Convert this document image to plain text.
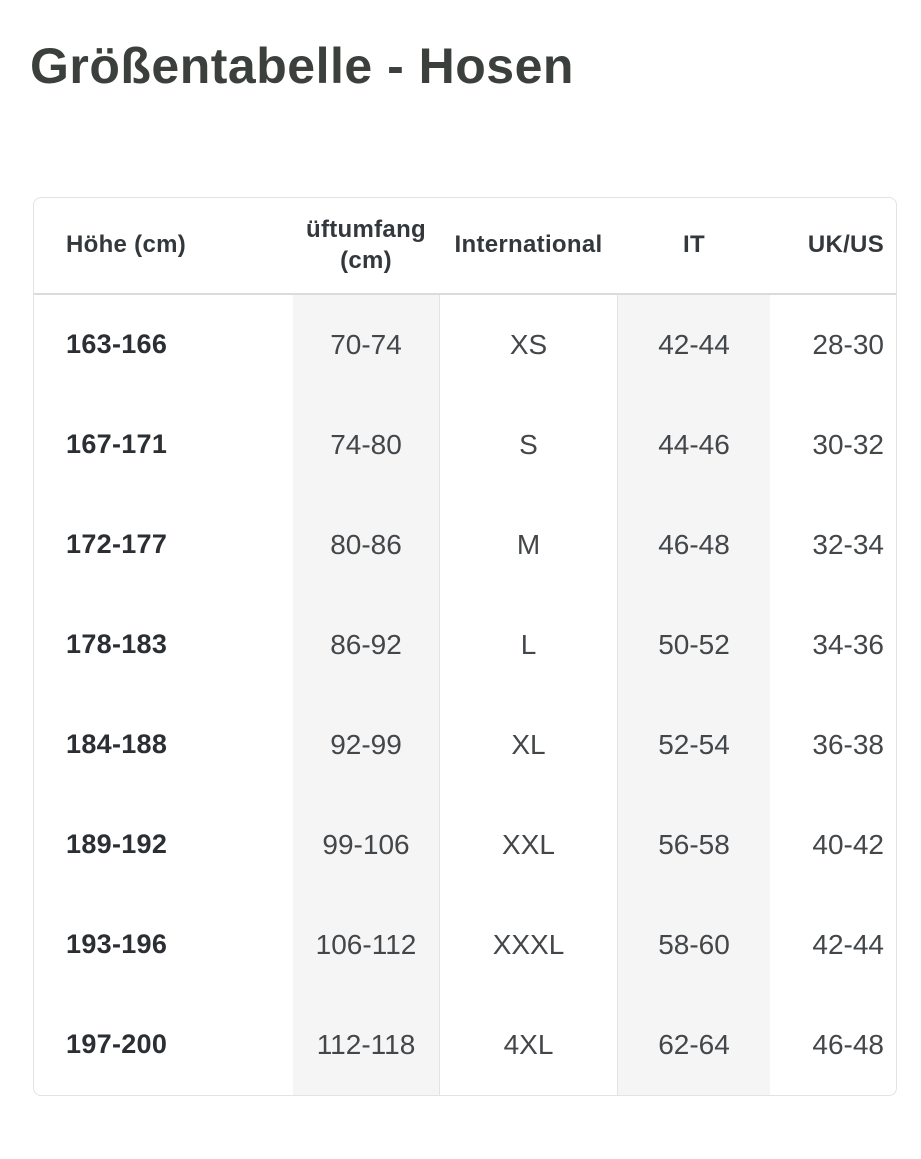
Größentabelle - Hosen
Höhe (cm)	üftumfang (cm)	International	IT	UK/US
163-166	70-74	XS	42-44	28-30
167-171	74-80	S	44-46	30-32
172-177	80-86	M	46-48	32-34
178-183	86-92	L	50-52	34-36
184-188	92-99	XL	52-54	36-38
189-192	99-106	XXL	56-58	40-42
193-196	106-112	XXXL	58-60	42-44
197-200	112-118	4XL	62-64	46-48
